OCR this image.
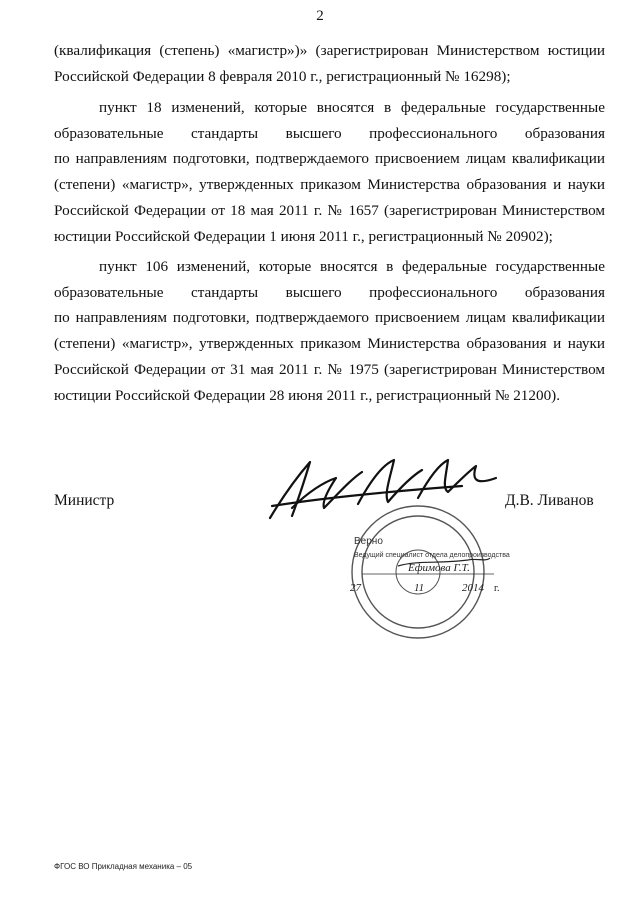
2
(квалификация (степень) «магистр»)» (зарегистрирован Министерством юстиции
Российской Федерации 8 февраля 2010 г., регистрационный № 16298);
пункт 18 изменений, которые вносятся в федеральные государственные
образовательные стандарты высшего профессионального образования
по направлениям подготовки, подтверждаемого присвоением лицам квалификации
(степени) «магистр», утвержденных приказом Министерства образования и науки
Российской Федерации от 18 мая 2011 г. № 1657 (зарегистрирован Министерством
юстиции Российской Федерации 1 июня 2011 г., регистрационный № 20902);
пункт 106 изменений, которые вносятся в федеральные государственные
образовательные стандарты высшего профессионального образования
по направлениям подготовки, подтверждаемого присвоением лицам квалификации
(степени) «магистр», утвержденных приказом Министерства образования и науки
Российской Федерации от 31 мая 2011 г. № 1975 (зарегистрирован Министерством
юстиции Российской Федерации 28 июня 2011 г., регистрационный № 21200).
Министр	Д.В. Ливанов
Верно
Ведущий специалист отдела делопроизводства
Ефимова Г.Т.
27	11	2014 г.
ФГОС ВО Прикладная механика – 05
